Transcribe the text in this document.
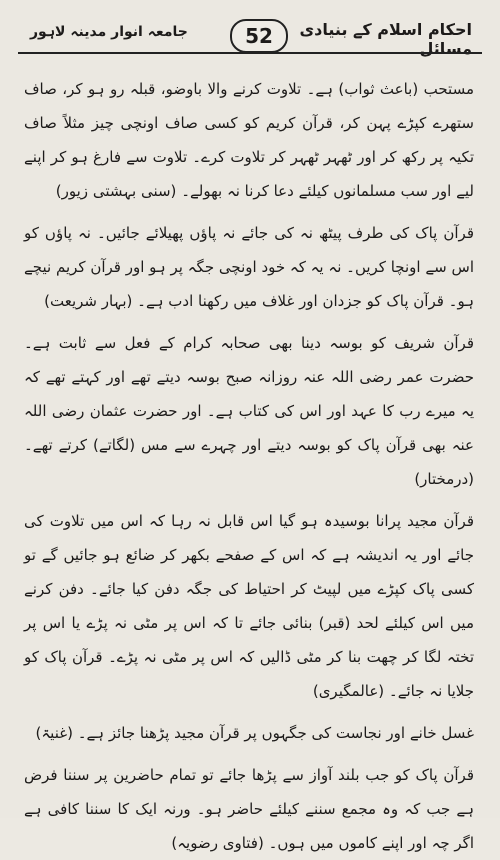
احکام اسلام کے بنیادی مسائل
52
جامعہ انوار مدینہ لاہور

مستحب (باعث ثواب) ہے۔ تلاوت کرنے والا باوضو، قبلہ رو ہو کر، صاف ستھرے کپڑے پہن کر، قرآن کریم کو کسی صاف اونچی چیز مثلاً صاف تکیہ پر رکھ کر اور ٹھہر ٹھہر کر تلاوت کرے۔ تلاوت سے فارغ ہو کر اپنے لیے اور سب مسلمانوں کیلئے دعا کرنا نہ بھولے۔ (سنی بہشتی زیور)

قرآن پاک کی طرف پیٹھ نہ کی جائے نہ پاؤں پھیلائے جائیں۔ نہ پاؤں کو اس سے اونچا کریں۔ نہ یہ کہ خود اونچی جگہ پر ہو اور قرآن کریم نیچے ہو۔ قرآن پاک کو جزدان اور غلاف میں رکھنا ادب ہے۔ (بہار شریعت)

قرآن شریف کو بوسہ دینا بھی صحابہ کرام کے فعل سے ثابت ہے۔ حضرت عمر رضی اللہ عنہ روزانہ صبح بوسہ دیتے تھے اور کہتے تھے کہ یہ میرے رب کا عہد اور اس کی کتاب ہے۔ اور حضرت عثمان رضی اللہ عنہ بھی قرآن پاک کو بوسہ دیتے اور چہرے سے مس (لگاتے) کرتے تھے۔ (درمختار)

قرآن مجید پرانا بوسیدہ ہو گیا اس قابل نہ رہا کہ اس میں تلاوت کی جائے اور یہ اندیشہ ہے کہ اس کے صفحے بکھر کر ضائع ہو جائیں گے تو کسی پاک کپڑے میں لپیٹ کر احتیاط کی جگہ دفن کیا جائے۔ دفن کرنے میں اس کیلئے لحد (قبر) بنائی جائے تا کہ اس پر مٹی نہ پڑے یا اس پر تختہ لگا کر چھت بنا کر مٹی ڈالیں کہ اس پر مٹی نہ پڑے۔ قرآن پاک کو جلایا نہ جائے۔ (عالمگیری)

غسل خانے اور نجاست کی جگہوں پر قرآن مجید پڑھنا جائز ہے۔ (غنیۃ)

قرآن پاک کو جب بلند آواز سے پڑھا جائے تو تمام حاضرین پر سننا فرض ہے جب کہ وہ مجمع سننے کیلئے حاضر ہو۔ ورنہ ایک کا سننا کافی ہے اگر چہ اور اپنے کاموں میں ہوں۔ (فتاوی رضویہ)
